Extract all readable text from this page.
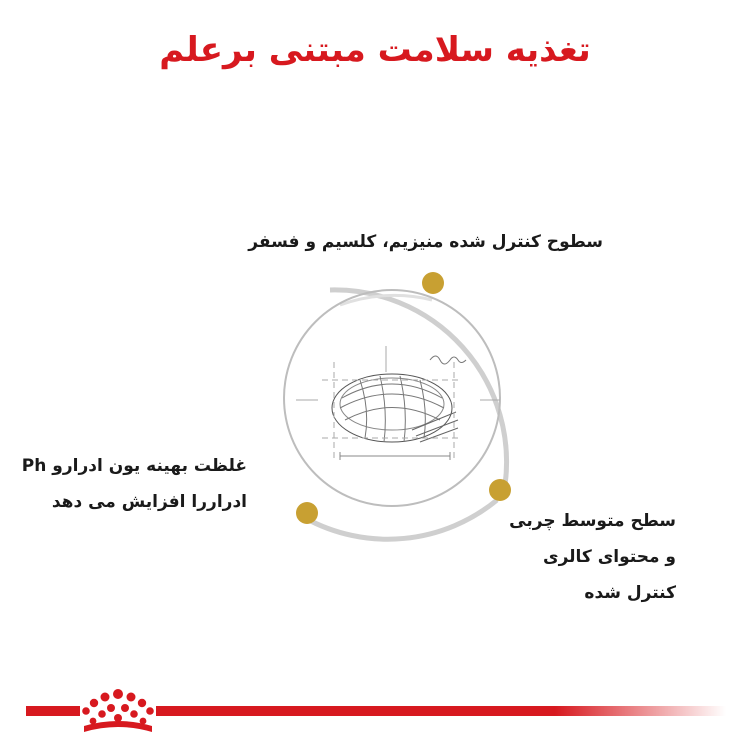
تغذیه سلامت مبتنی برعلم
سطوح کنترل شده منیزیم، کلسیم و فسفر
غلظت بهینه یون ادرارو Ph
ادراررا افزایش می دهد
سطح متوسط چربی
و محتوای کالری
کنترل شده
